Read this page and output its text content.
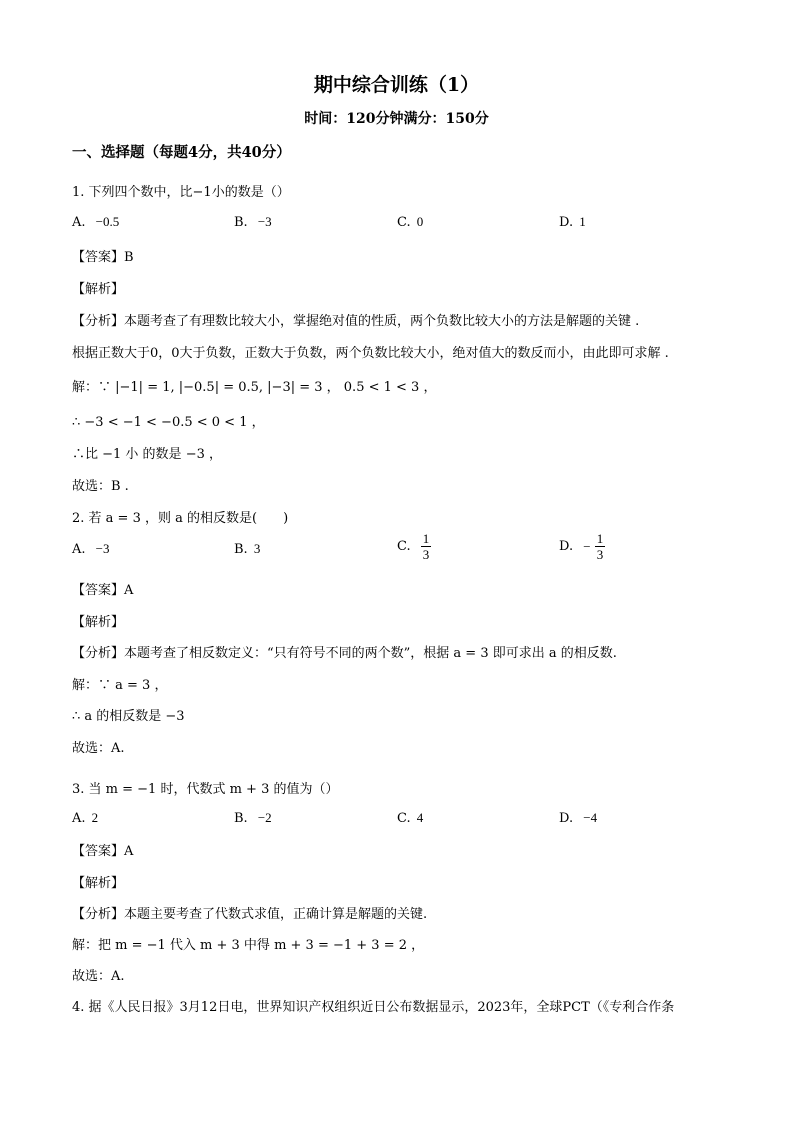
期中综合训练（1）
时间：120分钟满分：150分
一、选择题（每题4分，共40分）
1. 下列四个数中，比−1小的数是（）
A. −0.5	B. −3	C. 0	D. 1
【答案】B
【解析】
【分析】本题考查了有理数比较大小，掌握绝对值的性质，两个负数比较大小的方法是解题的关键 .
根据正数大于0，0大于负数，正数大于负数，两个负数比较大小，绝对值大的数反而小，由此即可求解 .
解：∵ |−1| = 1, |−0.5| = 0.5, |−3| = 3 ， 0.5 < 1 < 3 ，
∴ −3 < −1 < −0.5 < 0 < 1 ，
∴比 −1 小 的数是 −3 ，
故选：B .
2. 若 a = 3 ，则 a 的相反数是(　　)
A. −3	B. 3	C. $\frac{1}{3}$	D. − $\frac{1}{3}$
【答案】A
【解析】
【分析】本题考查了相反数定义：“只有符号不同的两个数”，根据 a = 3 即可求出 a 的相反数.
解：∵ a = 3 ，
∴ a 的相反数是 −3
故选：A.
3. 当 m = −1 时，代数式 m + 3 的值为（）
A. 2	B. −2	C. 4	D. −4
【答案】A
【解析】
【分析】本题主要考查了代数式求值，正确计算是解题的关键.
解：把 m = −1 代入 m + 3 中得 m + 3 = −1 + 3 = 2 ，
故选：A.
4. 据《人民日报》3月12日电，世界知识产权组织近日公布数据显示，2023年，全球PCT（《专利合作条
